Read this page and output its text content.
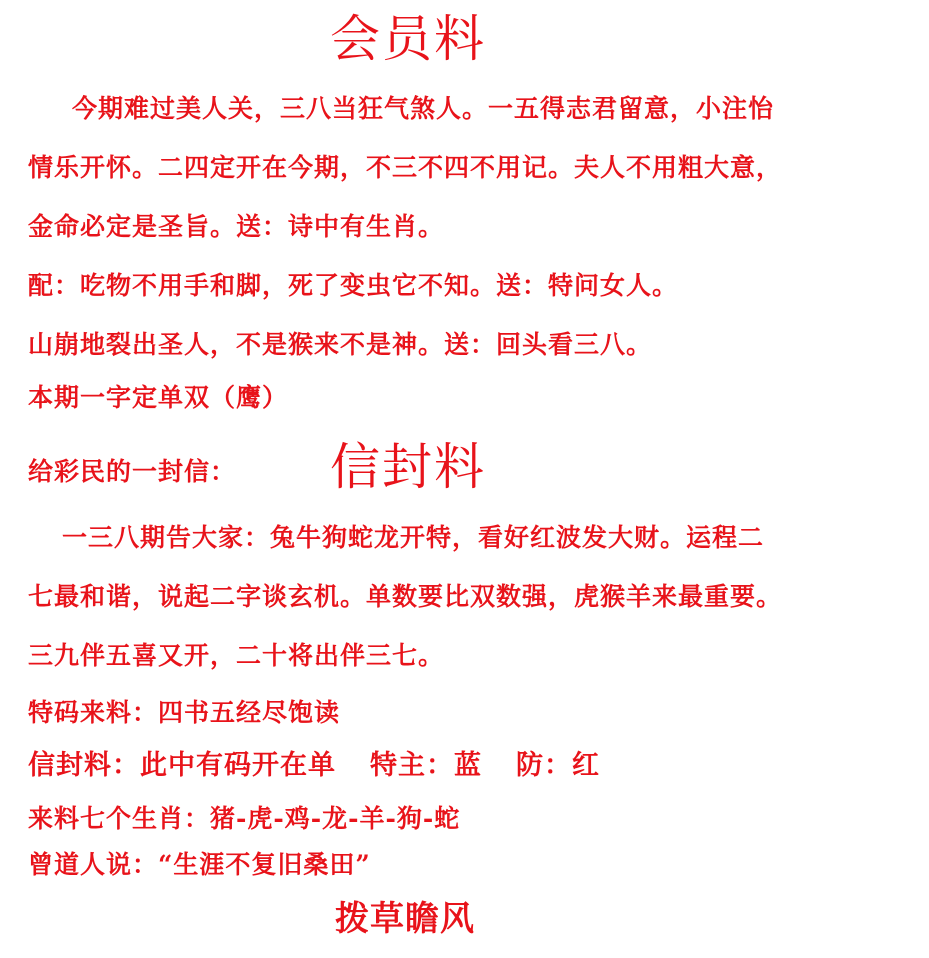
会员料
今期难过美人关，三八当狂气煞人。一五得志君留意，小注怡
情乐开怀。二四定开在今期，不三不四不用记。夫人不用粗大意，
金命必定是圣旨。送：诗中有生肖。
配：吃物不用手和脚，死了变虫它不知。送：特问女人。
山崩地裂出圣人，不是猴来不是神。送：回头看三八。
本期一字定单双（鹰）
给彩民的一封信： 信封料
一三八期告大家：兔牛狗蛇龙开特，看好红波发大财。运程二
七最和谐，说起二字谈玄机。单数要比双数强，虎猴羊来最重要。
三九伴五喜又开，二十将出伴三七。
特码来料：四书五经尽饱读
信封料：此中有码开在单 特主：蓝 防：红
来料七个生肖：猪-虎-鸡-龙-羊-狗-蛇
曾道人说：“生涯不复旧桑田”
拨草瞻风
